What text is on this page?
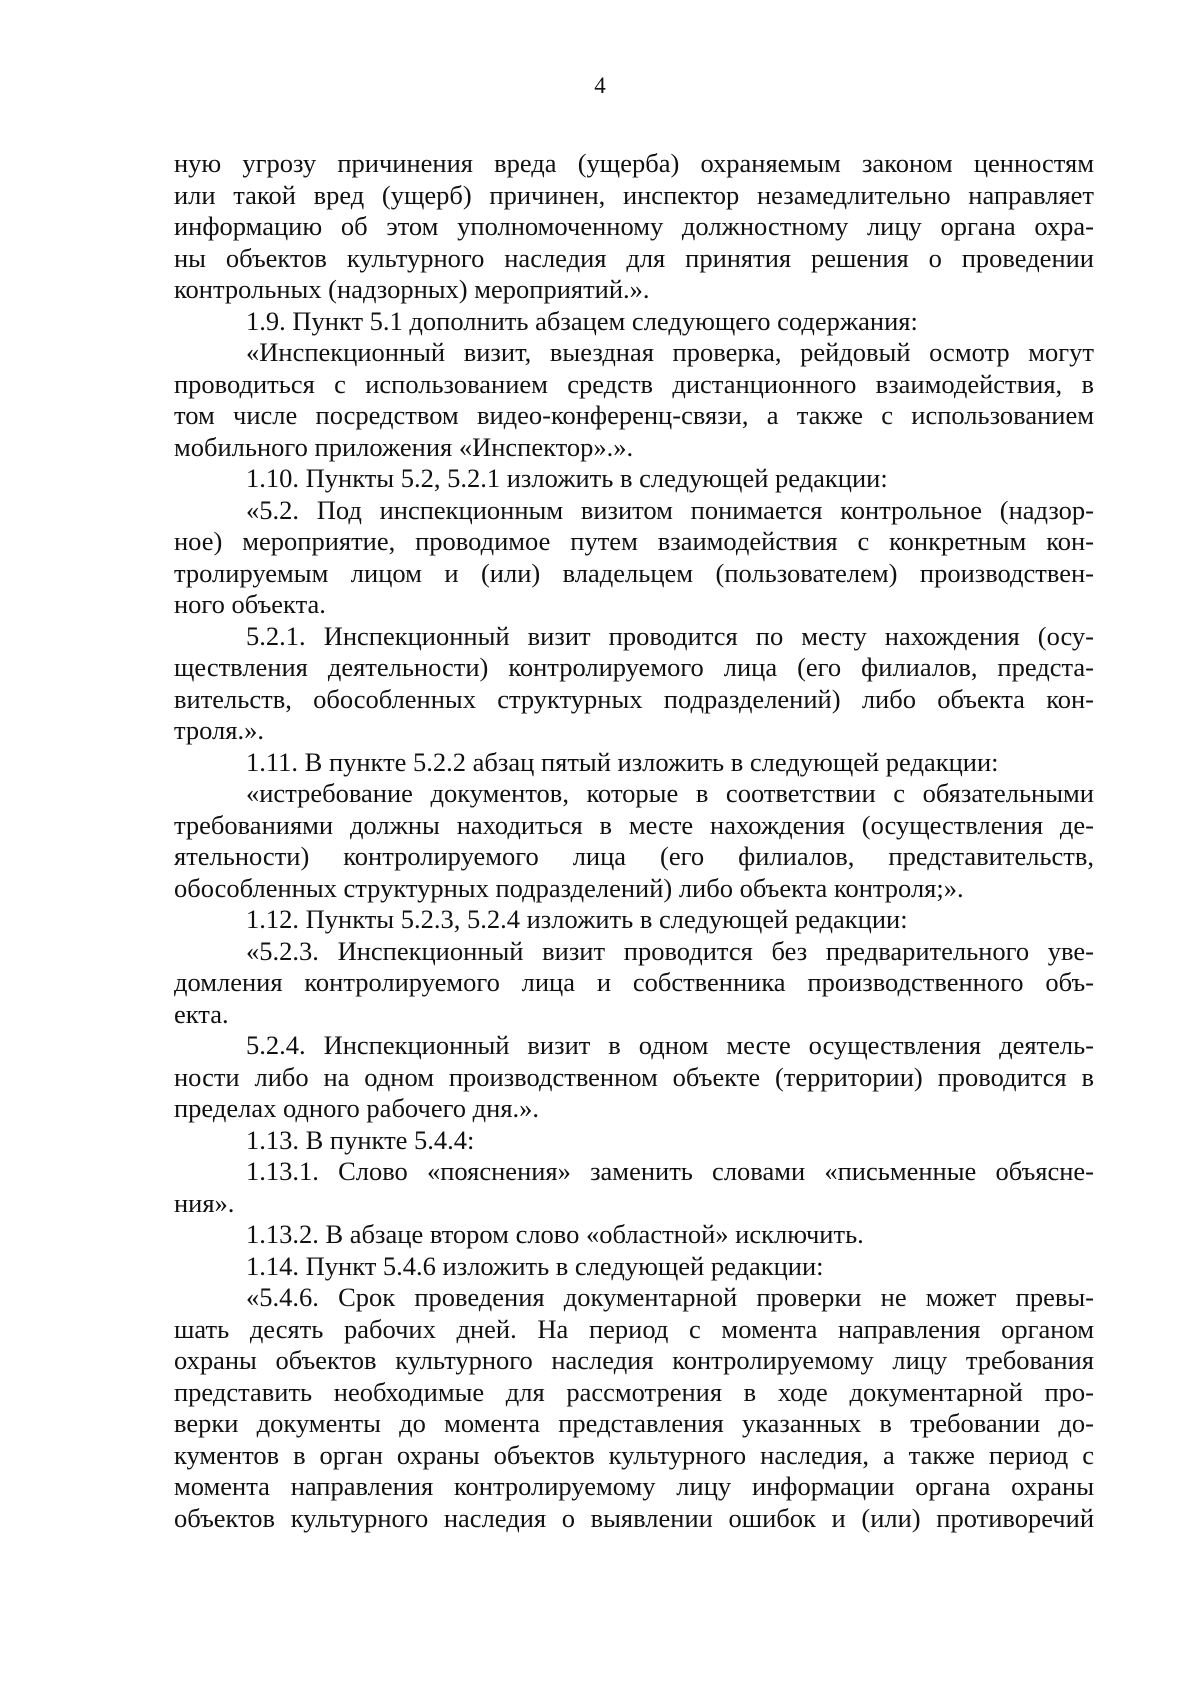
4
ную угрозу причинения вреда (ущерба) охраняемым законом ценностям
или такой вред (ущерб) причинен, инспектор незамедлительно направляет
информацию об этом уполномоченному должностному лицу органа охра-
ны объектов культурного наследия для принятия решения о проведении
контрольных (надзорных) мероприятий.».
1.9. Пункт 5.1 дополнить абзацем следующего содержания:
«Инспекционный визит, выездная проверка, рейдовый осмотр могут
проводиться с использованием средств дистанционного взаимодействия, в
том числе посредством видео-конференц-связи, а также с использованием
мобильного приложения «Инспектор».».
1.10. Пункты 5.2, 5.2.1 изложить в следующей редакции:
«5.2. Под инспекционным визитом понимается контрольное (надзор-
ное) мероприятие, проводимое путем взаимодействия с конкретным кон-
тролируемым лицом и (или) владельцем (пользователем) производствен-
ного объекта.
5.2.1. Инспекционный визит проводится по месту нахождения (осу-
ществления деятельности) контролируемого лица (его филиалов, предста-
вительств, обособленных структурных подразделений) либо объекта кон-
троля.».
1.11. В пункте 5.2.2 абзац пятый изложить в следующей редакции:
«истребование документов, которые в соответствии с обязательными
требованиями должны находиться в месте нахождения (осуществления де-
ятельности) контролируемого лица (его филиалов, представительств,
обособленных структурных подразделений) либо объекта контроля;».
1.12. Пункты 5.2.3, 5.2.4 изложить в следующей редакции:
«5.2.3. Инспекционный визит проводится без предварительного уве-
домления контролируемого лица и собственника производственного объ-
екта.
5.2.4. Инспекционный визит в одном месте осуществления деятель-
ности либо на одном производственном объекте (территории) проводится в
пределах одного рабочего дня.».
1.13. В пункте 5.4.4:
1.13.1. Слово «пояснения» заменить словами «письменные объясне-
ния».
1.13.2. В абзаце втором слово «областной» исключить.
1.14. Пункт 5.4.6 изложить в следующей редакции:
«5.4.6. Срок проведения документарной проверки не может превы-
шать десять рабочих дней. На период с момента направления органом
охраны объектов культурного наследия контролируемому лицу требования
представить необходимые для рассмотрения в ходе документарной про-
верки документы до момента представления указанных в требовании до-
кументов в орган охраны объектов культурного наследия, а также период с
момента направления контролируемому лицу информации органа охраны
объектов культурного наследия о выявлении ошибок и (или) противоречий
